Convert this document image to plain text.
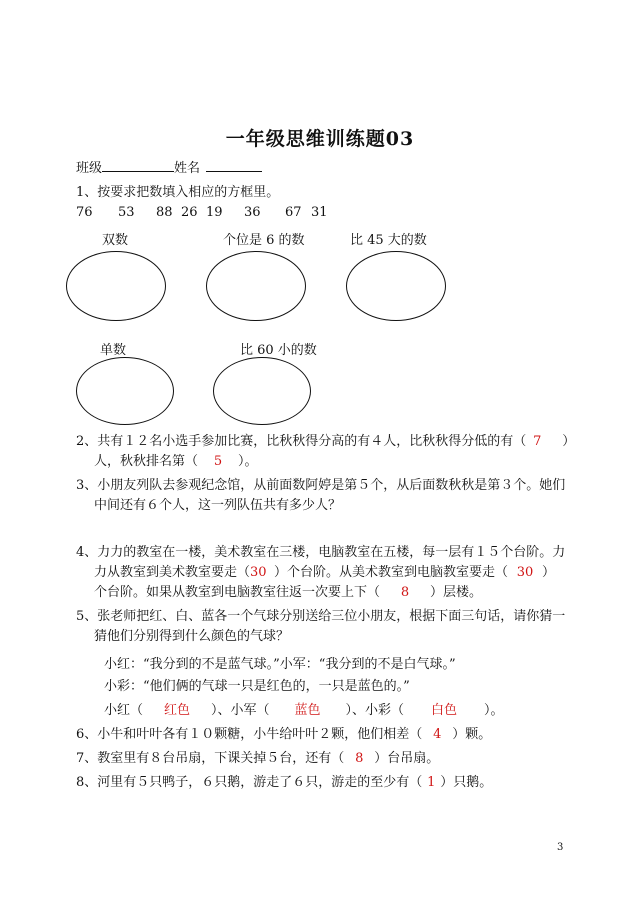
一年级思维训练题03
班级	姓名
1、按要求把数填入相应的方框里。
76 53 88 26 19 36 67 31
双数	个位是 6 的数	比 45 大的数
单数	比 60 小的数
2、共有１２名小选手参加比赛，比秋秋得分高的有４人，比秋秋得分低的有（ 7 ）
人，秋秋排名第（ 5 ）。
3、小朋友列队去参观纪念馆，从前面数阿婷是第５个，从后面数秋秋是第３个。她们
中间还有６个人，这一列队伍共有多少人？
4、力力的教室在一楼，美术教室在三楼，电脑教室在五楼，每一层有１５个台阶。力
力从教室到美术教室要走（30 ）个台阶。从美术教室到电脑教室要走（ 30 ）
个台阶。如果从教室到电脑教室往返一次要上下（ 8 ）层楼。
5、张老师把红、白、蓝各一个气球分别送给三位小朋友，根据下面三句话，请你猜一
猜他们分别得到什么颜色的气球？
小红：“我分到的不是蓝气球。”小军：“我分到的不是白气球。”
小彩：“他们俩的气球一只是红色的，一只是蓝色的。”
小红（ 红色 ）、小军（ 蓝色 ）、小彩（ 白色 ）。
6、小牛和叶叶各有１０颗糖，小牛给叶叶２颗，他们相差（ 4 ）颗。
7、教室里有８台吊扇，下课关掉５台，还有（ 8 ）台吊扇。
8、河里有５只鸭子，６只鹅，游走了６只，游走的至少有（ 1 ）只鹅。
3
